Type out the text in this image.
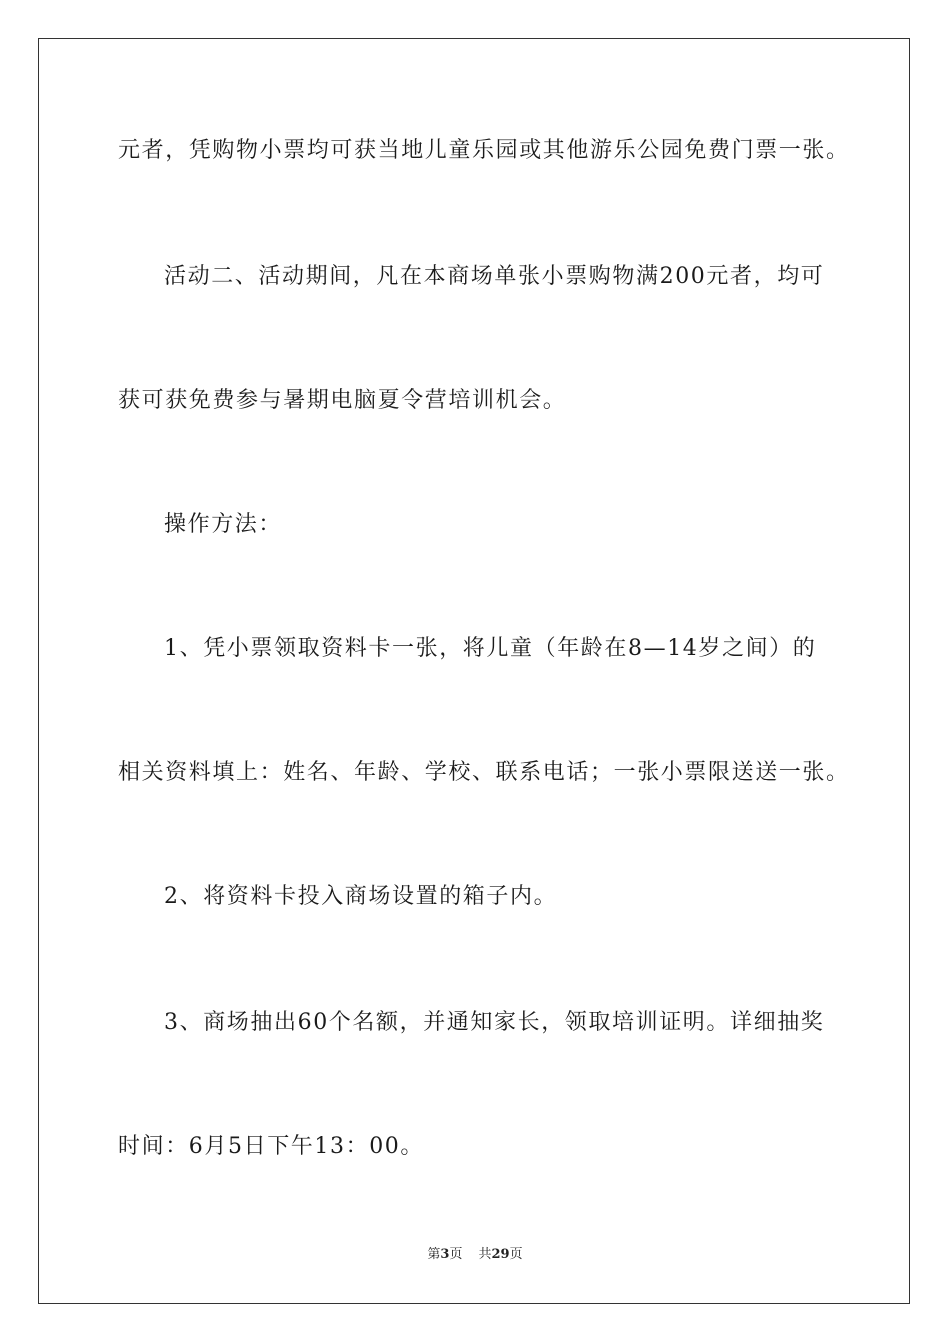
元者，凭购物小票均可获当地儿童乐园或其他游乐公园免费门票一张。
活动二、活动期间，凡在本商场单张小票购物满200元者，均可
获可获免费参与暑期电脑夏令营培训机会。
操作方法：
1、凭小票领取资料卡一张，将儿童（年龄在8—14岁之间）的
相关资料填上：姓名、年龄、学校、联系电话；一张小票限送送一张。
2、将资料卡投入商场设置的箱子内。
3、商场抽出60个名额，并通知家长，领取培训证明。详细抽奖
时间：6月5日下午13：00。
第3页 共29页
